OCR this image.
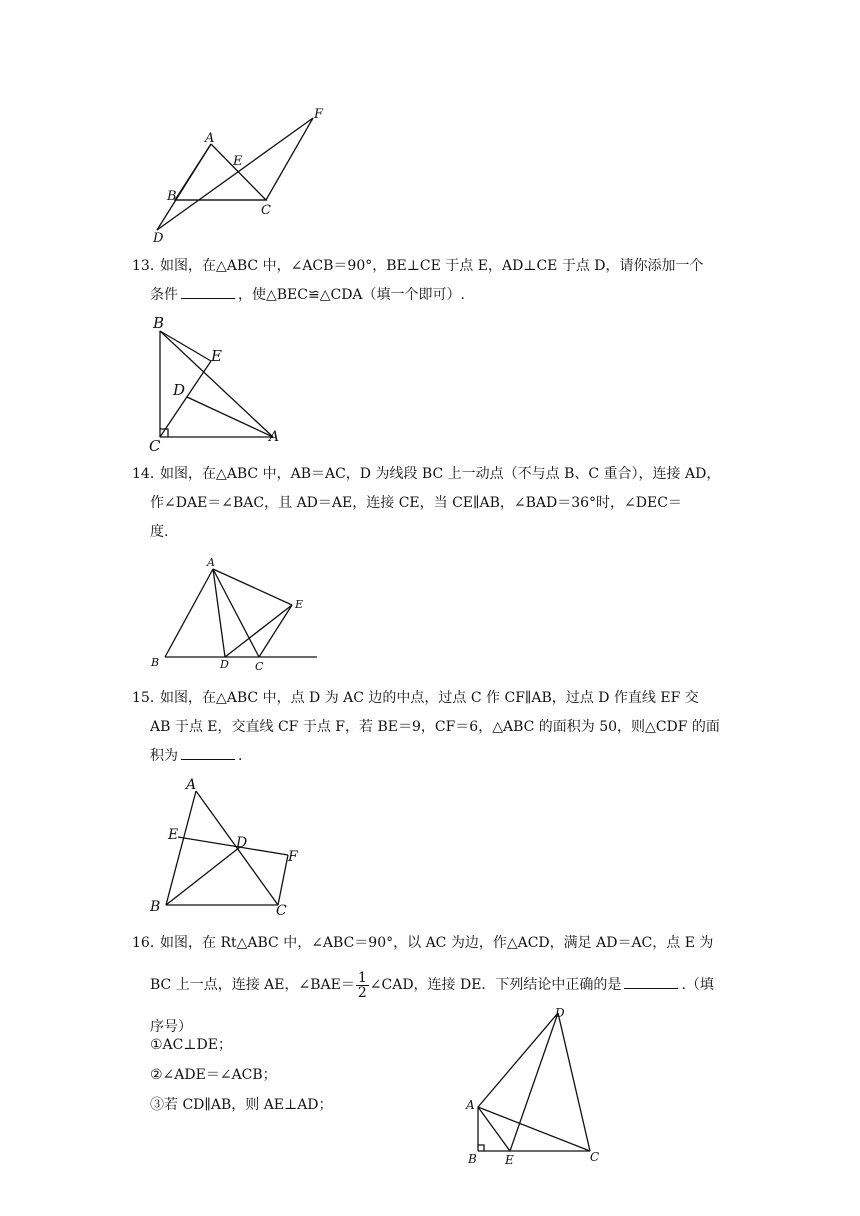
A
B
C
D
E
F
13．

如图，在△ABC 中，∠ACB＝90°，BE⊥CE 于点 E，AD⊥CE 于点 D，请你添加一个

条件	，使△BEC≌△CDA（填一个即可）.

B
E
D
C	A
14．

如图，在△ABC 中，AB＝AC，D 为线段 BC 上一动点（不与点 B、C 重合），连接 AD，

作∠DAE＝∠BAC，且 AD＝AE，连接 CE，当 CE∥AB，∠BAD＝36°时，∠DEC＝

度.

A
E
B	D C
15．

如图，在△ABC 中，点 D 为 AC 边的中点，过点 C 作 CF∥AB，过点 D 作直线 EF 交

AB 于点 E，交直线 CF 于点 F，若 BE＝9，CF＝6，△ABC 的面积为 50，则△CDF 的面

积为	.

A
E	D
F
B	C
16．

如图，在 Rt△ABC 中，∠ABC＝90°，以 AC 为边，作△ACD，满足 AD＝AC，点 E 为

BC 上一点，连接 AE，∠BAE＝ $\frac{1}{2}$ ∠CAD，连接 DE．下列结论中正确的是	.（填

序号）

①AC⊥DE；
②∠ADE＝∠ACB；
③若 CD∥AB，则 AE⊥AD；
D
A
B E	C
